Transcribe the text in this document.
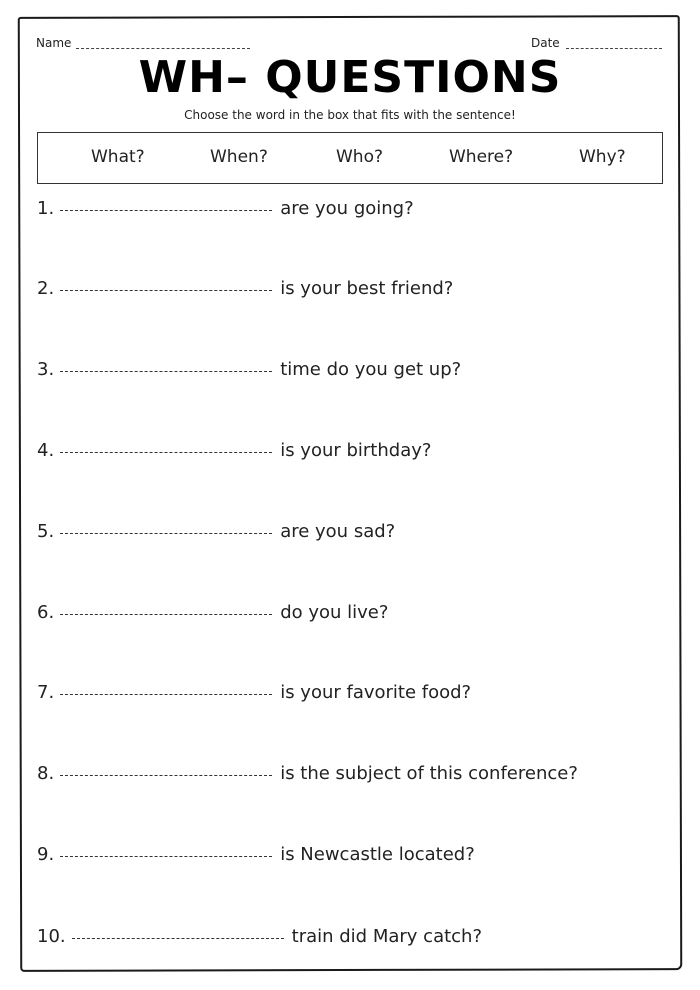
Name	Date
WH– QUESTIONS
Choose the word in the box that fits with the sentence!
What?	When?	Who?	Where?	Why?
1.	are you going?
2.	is your best friend?
3.	time do you get up?
4.	is your birthday?
5.	are you sad?
6.	do you live?
7.	is your favorite food?
8.	is the subject of this conference?
9.	is Newcastle located?
10.	train did Mary catch?
